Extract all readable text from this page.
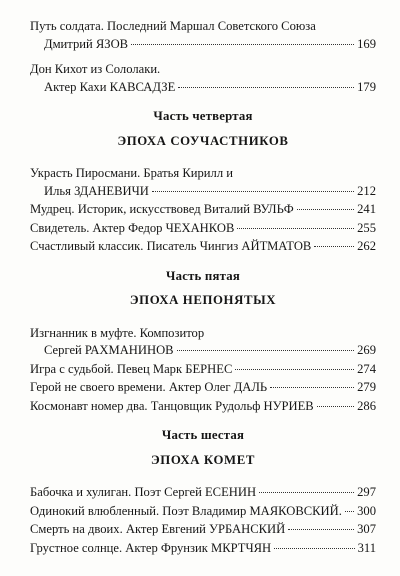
Путь солдата. Последний Маршал Советского Союза
Дмитрий ЯЗОВ	169
Дон Кихот из Сололаки.
Актер Кахи КАВСАДЗЕ	179
Часть четвертая
ЭПОХА СОУЧАСТНИКОВ
Украсть Пиросмани. Братья Кирилл и
Илья ЗДАНЕВИЧИ	212
Мудрец. Историк, искусствовед Виталий ВУЛЬФ	241
Свидетель. Актер Федор ЧЕХАНКОВ	255
Счастливый классик. Писатель Чингиз АЙТМАТОВ	262
Часть пятая
ЭПОХА НЕПОНЯТЫХ
Изгнанник в муфте. Композитор
Сергей РАХМАНИНОВ	269
Игра с судьбой. Певец Марк БЕРНЕС	274
Герой не своего времени. Актер Олег ДАЛЬ	279
Космонавт номер два. Танцовщик Рудольф НУРИЕВ	286
Часть шестая
ЭПОХА КОМЕТ
Бабочка и хулиган. Поэт Сергей ЕСЕНИН	297
Одинокий влюбленный. Поэт Владимир МАЯКОВСКИЙ. 300
Смерть на двоих. Актер Евгений УРБАНСКИЙ	307
Грустное солнце. Актер Фрунзик МКРТЧЯН	311
